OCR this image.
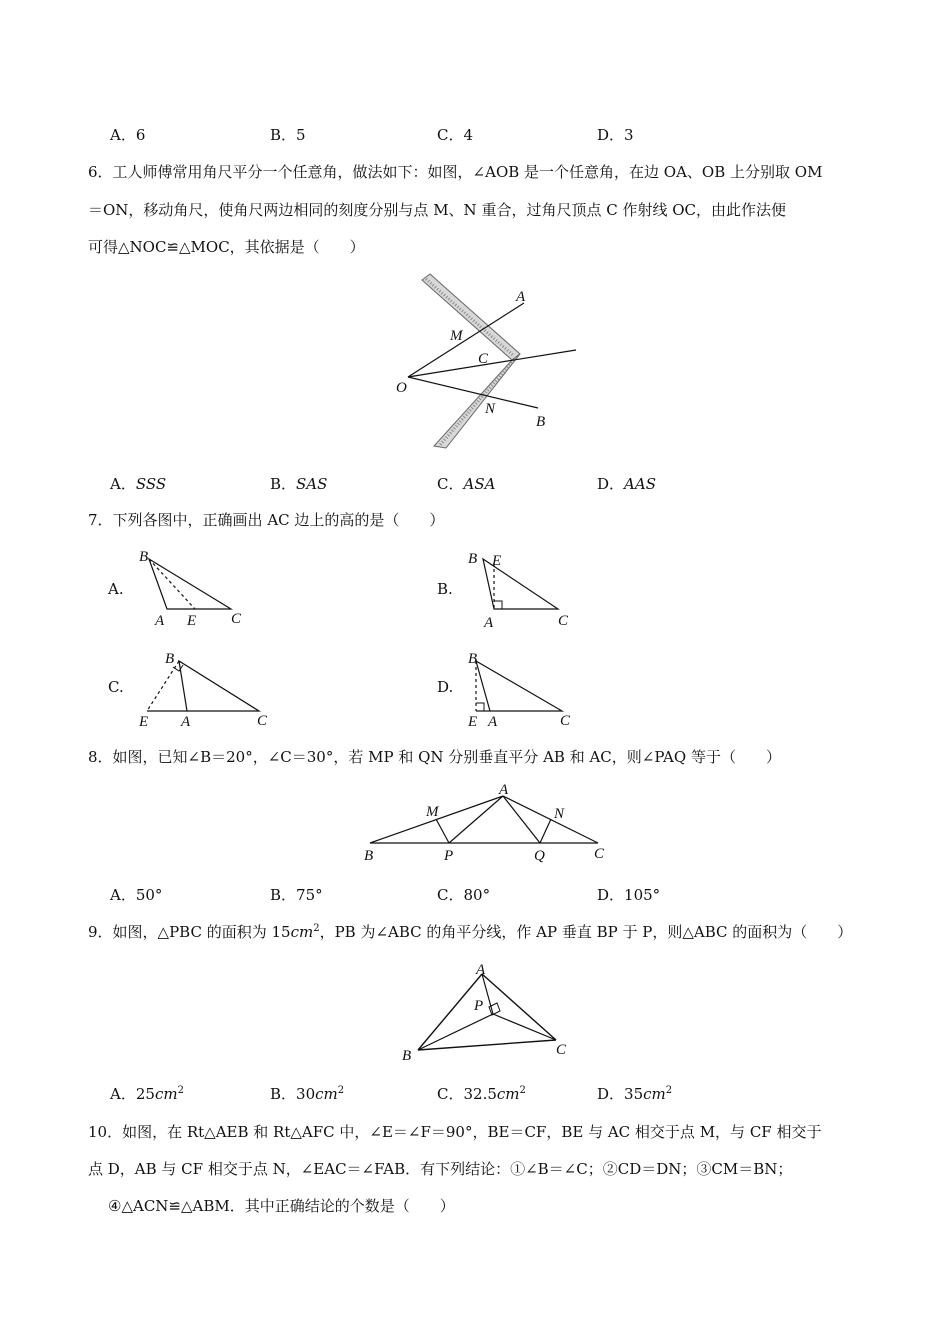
A．6	B．5	C．4	D．3
6．工人师傅常用角尺平分一个任意角，做法如下：如图，∠AOB 是一个任意角，在边 OA、OB 上分别取 OM
＝ON，移动角尺，使角尺两边相同的刻度分别与点 M、N 重合，过角尺顶点 C 作射线 OC，由此作法便
可得△NOC≌△MOC，其依据是（　　）
A
M
C
O
N
B
A．SSS	B．SAS	C．ASA	D．AAS
7．下列各图中，正确画出 AC 边上的高的是（　　）
A.
B
A E C
B.
B E
A	C
C.
B
E A	C
D.
B
E A	C
8．如图，已知∠B＝20°，∠C＝30°，若 MP 和 QN 分别垂直平分 AB 和 AC，则∠PAQ 等于（　　）
A
M	N
B	P	Q	C
A．50°	B．75°	C．80°	D．105°
9．如图，△PBC 的面积为 $15cm^2$，PB 为∠ABC 的角平分线，作 AP 垂直 BP 于 P，则△ABC 的面积为（　　）
A
P
B	C
A．$25cm^2$	B．$30cm^2$	C．$32.5cm^2$	D．$35cm^2$
10．如图，在 Rt△AEB 和 Rt△AFC 中，∠E＝∠F＝90°，BE＝CF，BE 与 AC 相交于点 M，与 CF 相交于
点 D，AB 与 CF 相交于点 N，∠EAC＝∠FAB．有下列结论：①∠B＝∠C；②CD＝DN；③CM＝BN；
④△ACN≌△ABM．其中正确结论的个数是（　　）
